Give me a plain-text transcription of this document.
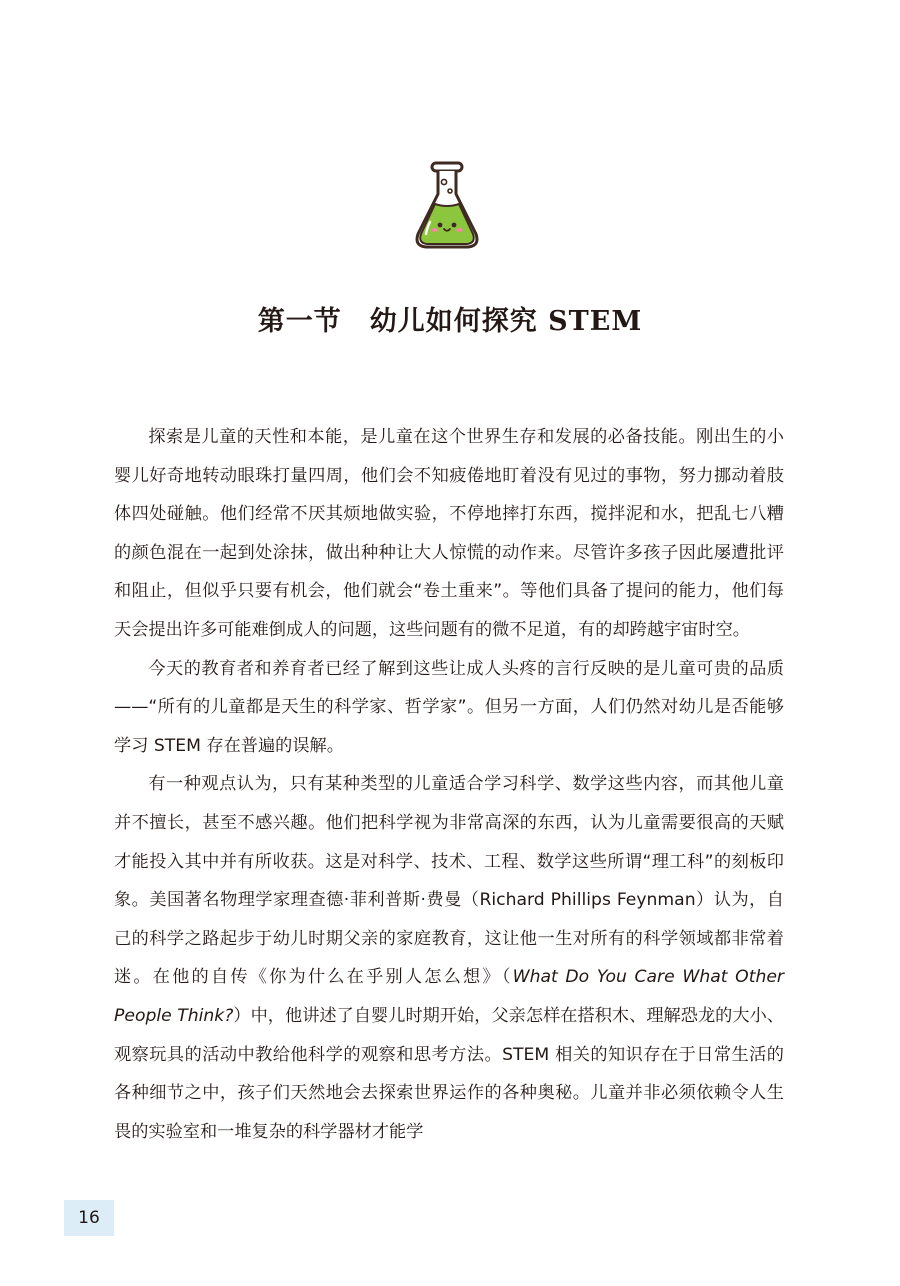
第一节　幼儿如何探究 STEM

探索是儿童的天性和本能，是儿童在这个世界生存和发展的必备技能。刚出生的小婴儿好奇地转动眼珠打量四周，他们会不知疲倦地盯着没有见过的事物，努力挪动着肢体四处碰触。他们经常不厌其烦地做实验，不停地摔打东西，搅拌泥和水，把乱七八糟的颜色混在一起到处涂抹，做出种种让大人惊慌的动作来。尽管许多孩子因此屡遭批评和阻止，但似乎只要有机会，他们就会“卷土重来”。等他们具备了提问的能力，他们每天会提出许多可能难倒成人的问题，这些问题有的微不足道，有的却跨越宇宙时空。

今天的教育者和养育者已经了解到这些让成人头疼的言行反映的是儿童可贵的品质——“所有的儿童都是天生的科学家、哲学家”。但另一方面，人们仍然对幼儿是否能够学习 STEM 存在普遍的误解。

有一种观点认为，只有某种类型的儿童适合学习科学、数学这些内容，而其他儿童并不擅长，甚至不感兴趣。他们把科学视为非常高深的东西，认为儿童需要很高的天赋才能投入其中并有所收获。这是对科学、技术、工程、数学这些所谓“理工科”的刻板印象。美国著名物理学家理查德·菲利普斯·费曼（Richard Phillips Feynman）认为，自己的科学之路起步于幼儿时期父亲的家庭教育，这让他一生对所有的科学领域都非常着迷。在他的自传《你为什么在乎别人怎么想》（What Do You Care What Other People Think?）中，他讲述了自婴儿时期开始，父亲怎样在搭积木、理解恐龙的大小、观察玩具的活动中教给他科学的观察和思考方法。STEM 相关的知识存在于日常生活的各种细节之中，孩子们天然地会去探索世界运作的各种奥秘。儿童并非必须依赖令人生畏的实验室和一堆复杂的科学器材才能学

16
